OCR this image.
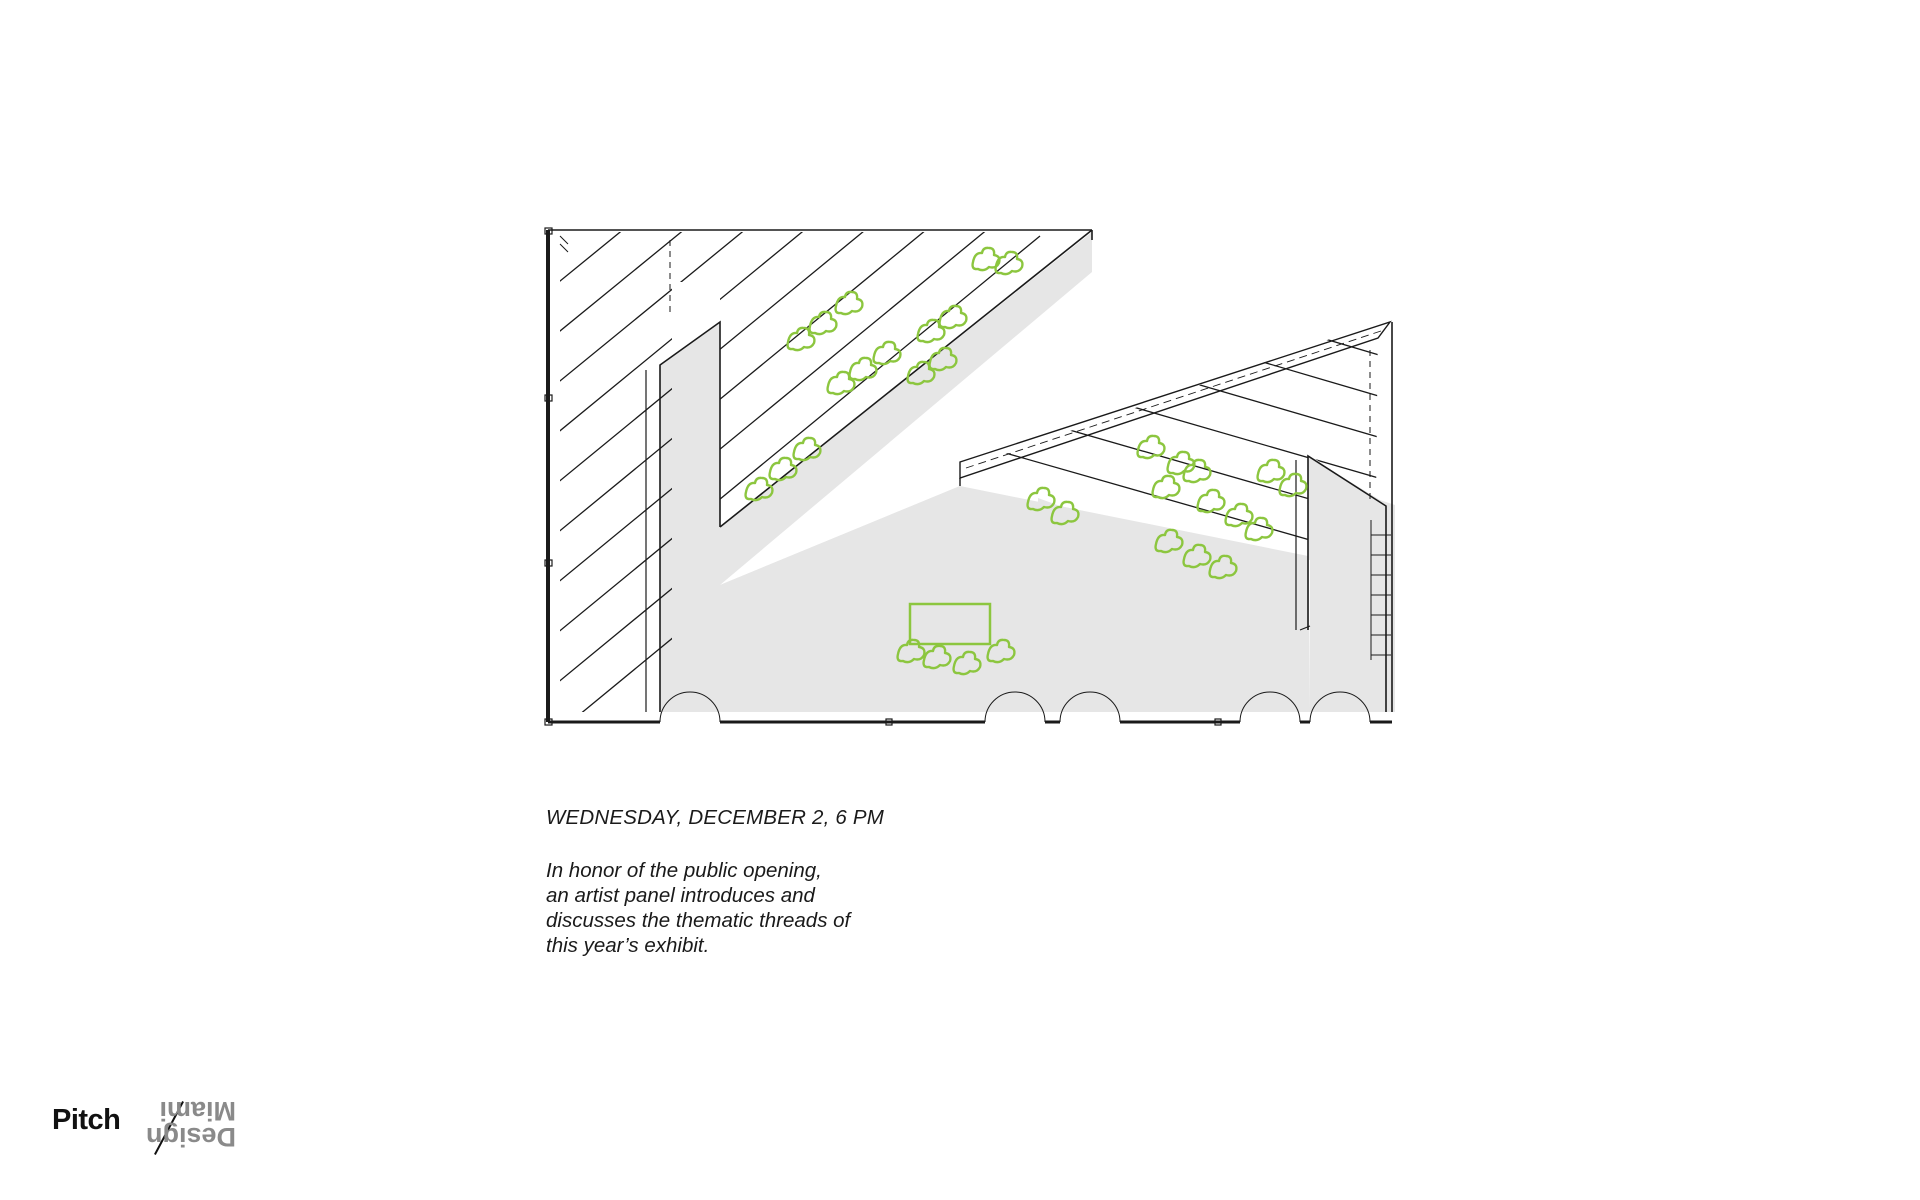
WEDNESDAY, DECEMBER 2, 6 PM

In honor of the public opening,
an artist panel introduces and
discusses the thematic threads of
this year’s exhibit.

Pitch
Design
Miami
